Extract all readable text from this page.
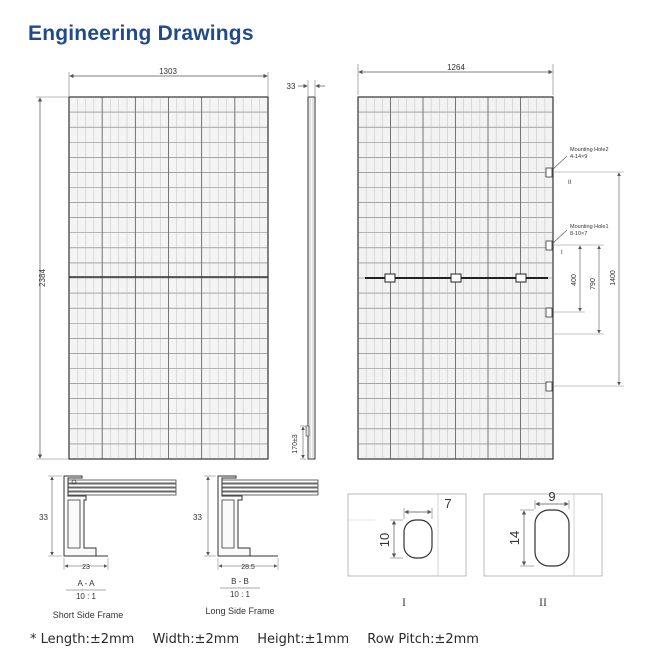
Engineering Drawings
1303
2384
33
170±3
1264
Mounting Hole2
4-14×9
II
Mounting Hole1
8-10×7
I
400 790 1400
33
23
A - A
10 : 1
Short Side Frame
33
28.5
B - B
10 : 1
Long Side Frame
7
10
I
9
14
II
* Length:±2mm Width:±2mm Height:±1mm Row Pitch:±2mm
